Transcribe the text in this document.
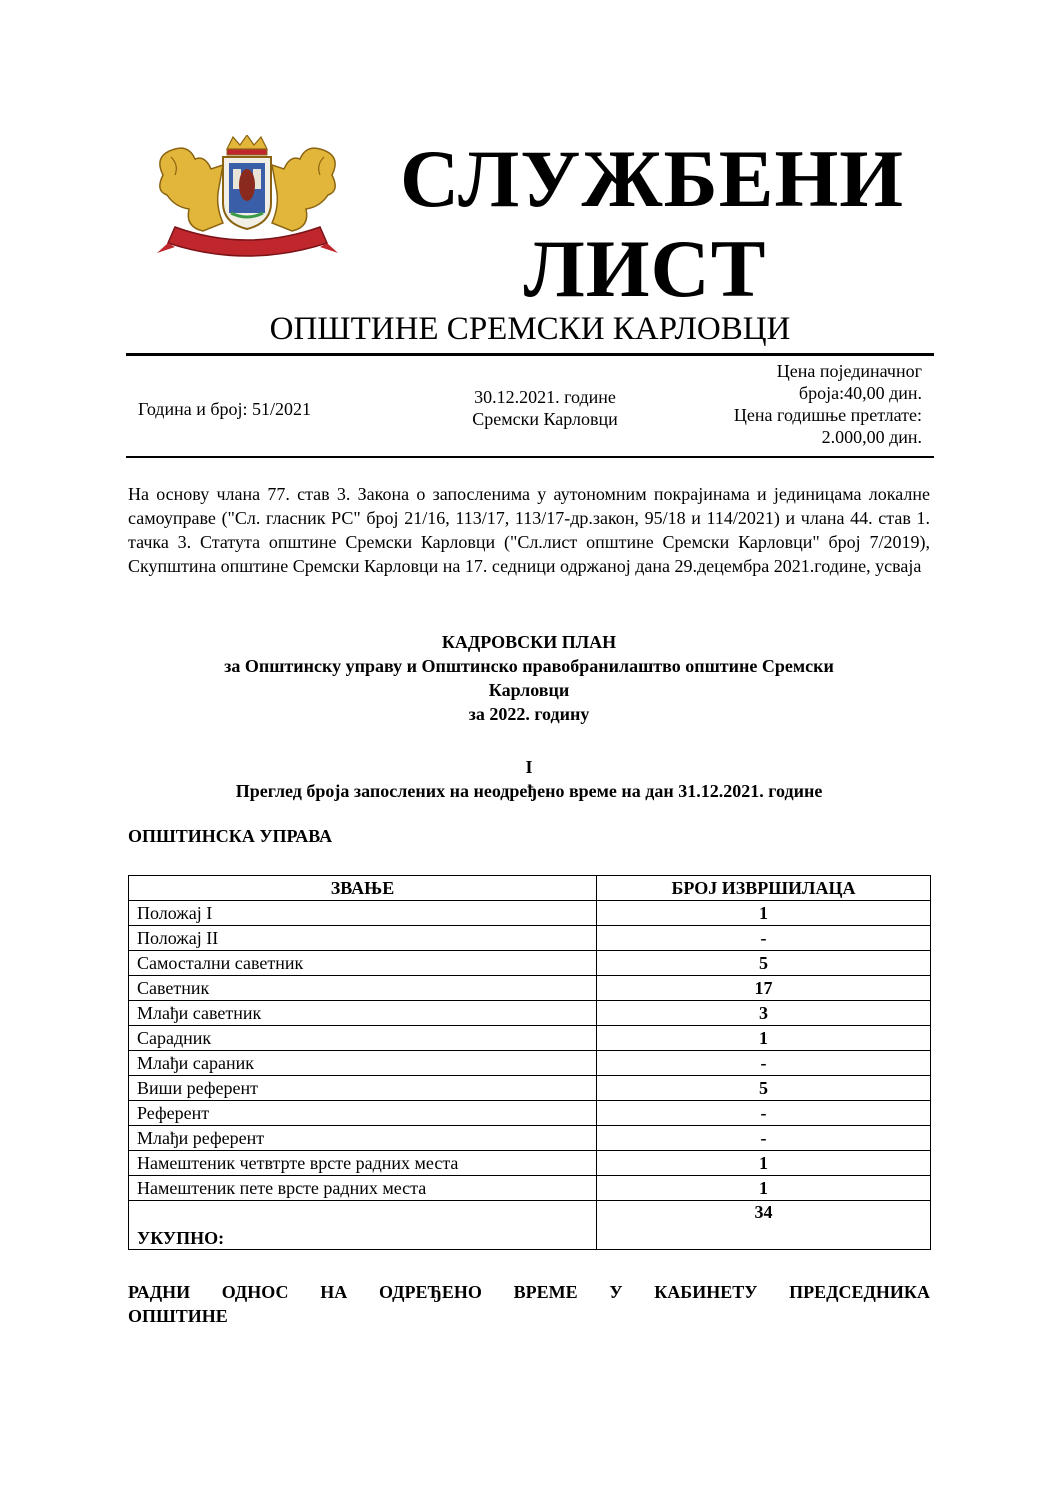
СЛУЖБЕНИ
ЛИСТ
ОПШТИНЕ СРЕМСКИ КАРЛОВЦИ
Година и број: 51/2021
30.12.2021. године
Сремски Карловци
Цена појединачног
броја:40,00 дин.
Цена годишње претлате:
2.000,00 дин.
На основу члана 77. став 3. Закона о запосленима у аутономним покрајинама и јединицама локалне самоуправе ("Сл. гласник РС" број 21/16, 113/17, 113/17-др.закон, 95/18 и 114/2021) и члана 44. став 1. тачка 3. Статута општине Сремски Карловци ("Сл.лист општине Сремски Карловци" број 7/2019), Скупштина општине Сремски Карловци на 17. седници одржаној дана 29.децембра 2021.године, усваја
КАДРОВСКИ ПЛАН
за Општинску управу и Општинско правобранилаштво општине Сремски
Карловци
за 2022. годину
I
Преглед броја запослених на неодређено време на дан 31.12.2021. године
ОПШТИНСКА УПРАВА
ЗВАЊЕ	БРОЈ ИЗВРШИЛАЦА
Положај I	1
Положај II	-
Самостални саветник	5
Саветник	17
Млађи саветник	3
Сарадник	1
Млађи сараник	-
Виши референт	5
Референт	-
Млађи референт	-
Намештеник четвтрте врсте радних места	1
Намештеник пете врсте радних места	1
УКУПНО:	34
РАДНИ ОДНОС НА ОДРЕЂЕНО ВРЕМЕ У КАБИНЕТУ ПРЕДСЕДНИКА
ОПШТИНЕ
